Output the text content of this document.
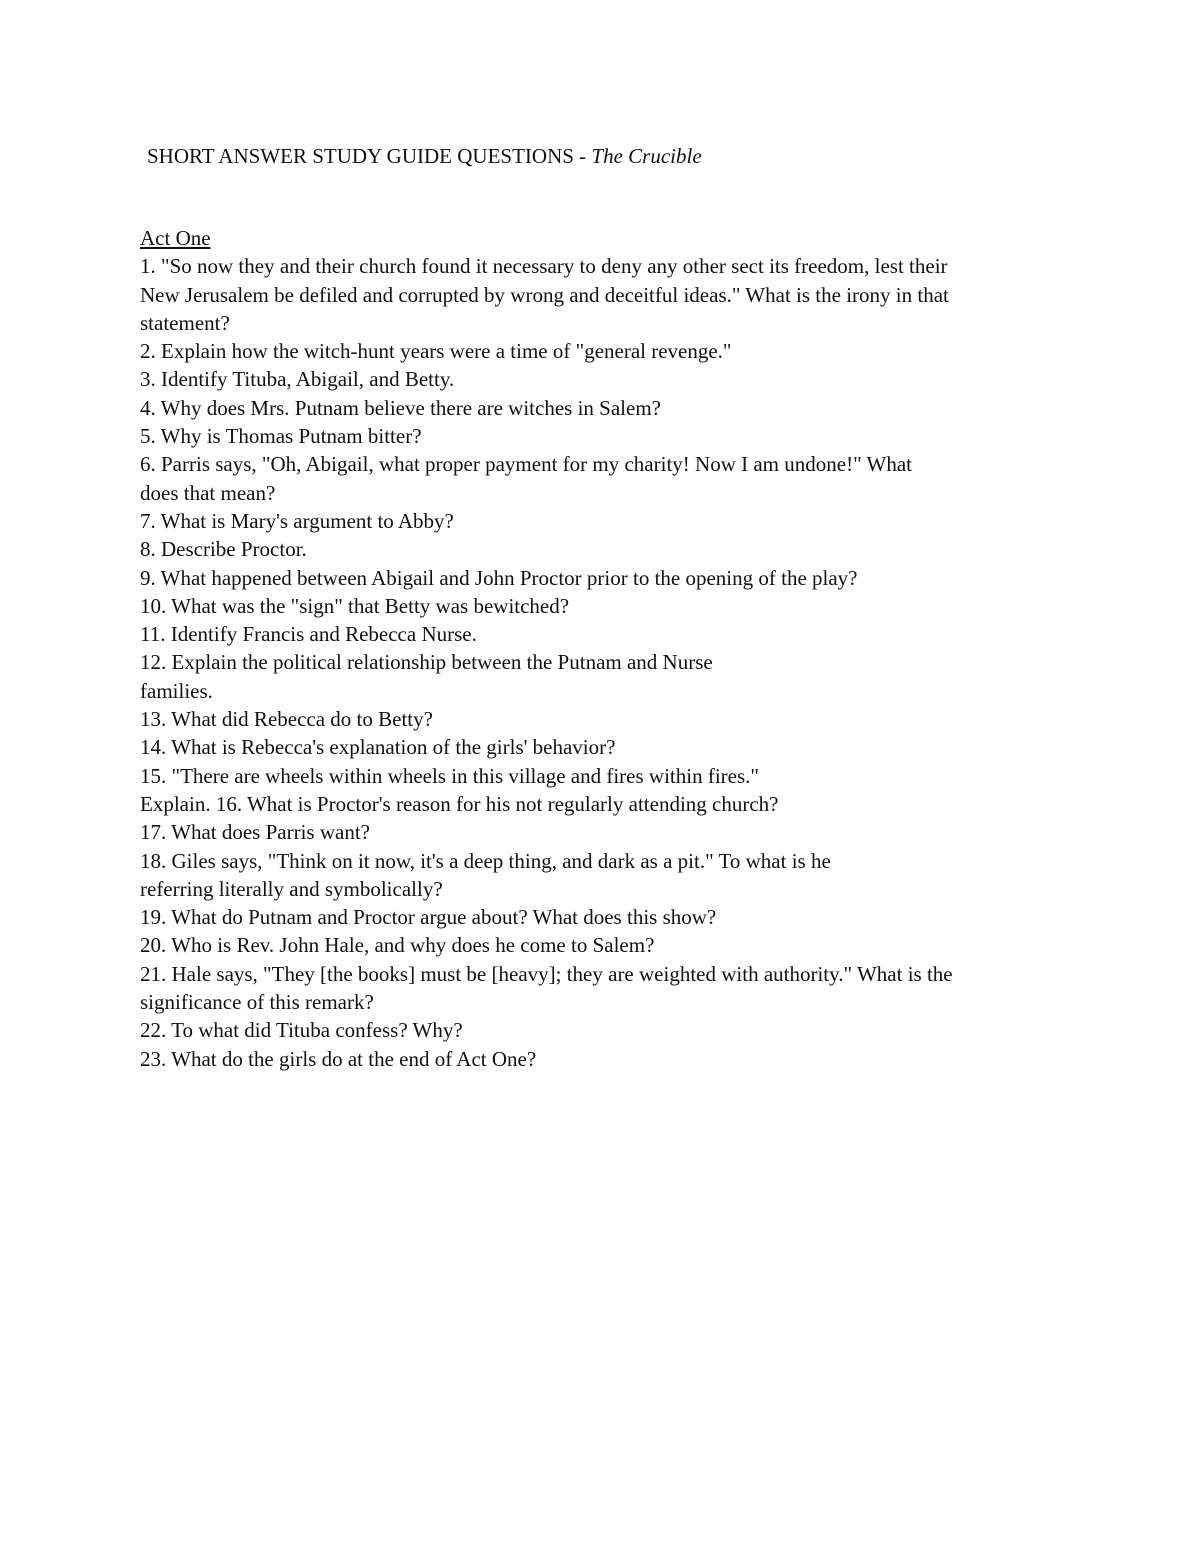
SHORT ANSWER STUDY GUIDE QUESTIONS - The Crucible
Act One
1. "So now they and their church found it necessary to deny any other sect its freedom, lest their
New Jerusalem be defiled and corrupted by wrong and deceitful ideas." What is the irony in that
statement?
2. Explain how the witch-hunt years were a time of "general revenge."
3. Identify Tituba, Abigail, and Betty.
4. Why does Mrs. Putnam believe there are witches in Salem?
5. Why is Thomas Putnam bitter?
6. Parris says, "Oh, Abigail, what proper payment for my charity! Now I am undone!" What
does that mean?
7. What is Mary's argument to Abby?
8. Describe Proctor.
9. What happened between Abigail and John Proctor prior to the opening of the play?
10. What was the "sign" that Betty was bewitched?
11. Identify Francis and Rebecca Nurse.
12. Explain the political relationship between the Putnam and Nurse
families.
13. What did Rebecca do to Betty?
14. What is Rebecca's explanation of the girls' behavior?
15. "There are wheels within wheels in this village and fires within fires."
Explain. 16. What is Proctor's reason for his not regularly attending church?
17. What does Parris want?
18. Giles says, "Think on it now, it's a deep thing, and dark as a pit." To what is he
referring literally and symbolically?
19. What do Putnam and Proctor argue about? What does this show?
20. Who is Rev. John Hale, and why does he come to Salem?
21. Hale says, "They [the books] must be [heavy]; they are weighted with authority." What is the
significance of this remark?
22. To what did Tituba confess? Why?
23. What do the girls do at the end of Act One?
